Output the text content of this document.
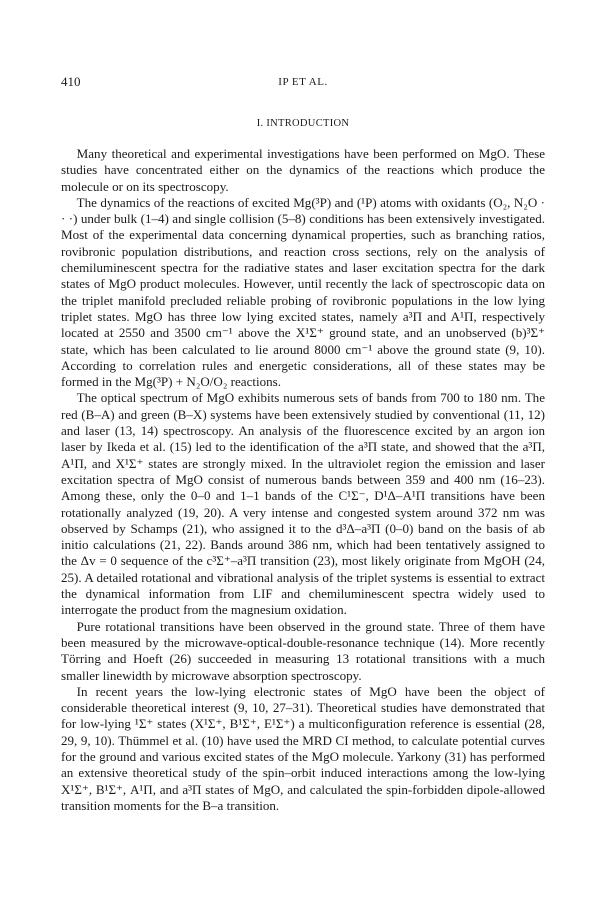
410	IP ET AL.
I. INTRODUCTION

Many theoretical and experimental investigations have been performed on MgO. These studies have concentrated either on the dynamics of the reactions which produce the molecule or on its spectroscopy.

The dynamics of the reactions of excited Mg(³P) and (¹P) atoms with oxidants (O₂, N₂O · · ·) under bulk (1–4) and single collision (5–8) conditions has been extensively investigated. Most of the experimental data concerning dynamical properties, such as branching ratios, rovibronic population distributions, and reaction cross sections, rely on the analysis of chemiluminescent spectra for the radiative states and laser excitation spectra for the dark states of MgO product molecules. However, until recently the lack of spectroscopic data on the triplet manifold precluded reliable probing of rovibronic populations in the low lying triplet states. MgO has three low lying excited states, namely a³Π and A¹Π, respectively located at 2550 and 3500 cm⁻¹ above the X¹Σ⁺ ground state, and an unobserved (b)³Σ⁺ state, which has been calculated to lie around 8000 cm⁻¹ above the ground state (9, 10). According to correlation rules and energetic considerations, all of these states may be formed in the Mg(³P) + N₂O/O₂ reactions.

The optical spectrum of MgO exhibits numerous sets of bands from 700 to 180 nm. The red (B–A) and green (B–X) systems have been extensively studied by conventional (11, 12) and laser (13, 14) spectroscopy. An analysis of the fluorescence excited by an argon ion laser by Ikeda et al. (15) led to the identification of the a³Π state, and showed that the a³Π, A¹Π, and X¹Σ⁺ states are strongly mixed. In the ultraviolet region the emission and laser excitation spectra of MgO consist of numerous bands between 359 and 400 nm (16–23). Among these, only the 0–0 and 1–1 bands of the C¹Σ⁻, D¹Δ–A¹Π transitions have been rotationally analyzed (19, 20). A very intense and congested system around 372 nm was observed by Schamps (21), who assigned it to the d³Δ–a³Π (0–0) band on the basis of ab initio calculations (21, 22). Bands around 386 nm, which had been tentatively assigned to the Δv = 0 sequence of the c³Σ⁺–a³Π transition (23), most likely originate from MgOH (24, 25). A detailed rotational and vibrational analysis of the triplet systems is essential to extract the dynamical information from LIF and chemiluminescent spectra widely used to interrogate the product from the magnesium oxidation.

Pure rotational transitions have been observed in the ground state. Three of them have been measured by the microwave-optical-double-resonance technique (14). More recently Törring and Hoeft (26) succeeded in measuring 13 rotational transitions with a much smaller linewidth by microwave absorption spectroscopy.

In recent years the low-lying electronic states of MgO have been the object of considerable theoretical interest (9, 10, 27–31). Theoretical studies have demonstrated that for low-lying ¹Σ⁺ states (X¹Σ⁺, B¹Σ⁺, E¹Σ⁺) a multiconfiguration reference is essential (28, 29, 9, 10). Thümmel et al. (10) have used the MRD CI method, to calculate potential curves for the ground and various excited states of the MgO molecule. Yarkony (31) has performed an extensive theoretical study of the spin–orbit induced interactions among the low-lying X¹Σ⁺, B¹Σ⁺, A¹Π, and a³Π states of MgO, and calculated the spin-forbidden dipole-allowed transition moments for the B–a transition.
